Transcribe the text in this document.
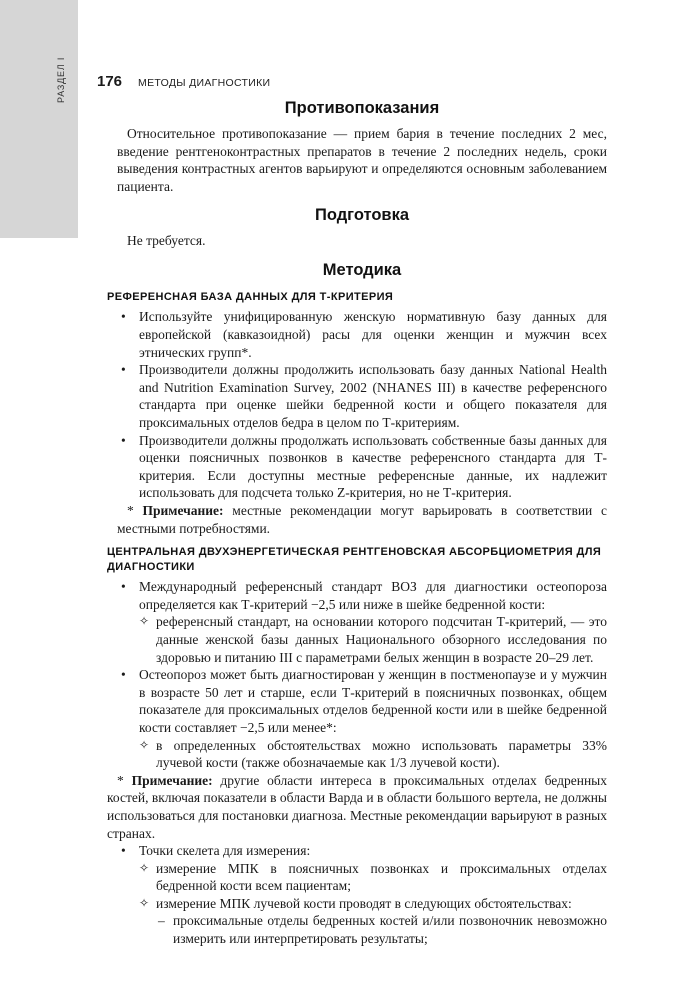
РАЗДЕЛ I 176 МЕТОДЫ ДИАГНОСТИКИ
Противопоказания

Относительное противопоказание — прием бария в течение последних 2 мес, введение рентгеноконтрастных препаратов в течение 2 последних недель, сроки выведения контрастных агентов варьируют и определяются основным заболеванием пациента.

Подготовка

Не требуется.

Методика
РЕФЕРЕНСНАЯ БАЗА ДАННЫХ ДЛЯ Т-КРИТЕРИЯ
• Используйте унифицированную женскую нормативную базу данных для европейской (кавказоидной) расы для оценки женщин и мужчин всех этнических групп*.
• Производители должны продолжить использовать базу данных National Health and Nutrition Examination Survey, 2002 (NHANES III) в качестве референсного стандарта при оценке шейки бедренной кости и общего показателя для проксимальных отделов бедра в целом по Т-критериям.
• Производители должны продолжать использовать собственные базы данных для оценки поясничных позвонков в качестве референсного стандарта для Т- критерия. Если доступны местные референсные данные, их надлежит использовать для подсчета только Z-критерия, но не Т-критерия.

* Примечание: местные рекомендации могут варьировать в соответствии с местными потребностями.

ЦЕНТРАЛЬНАЯ ДВУХЭНЕРГЕТИЧЕСКАЯ РЕНТГЕНОВСКАЯ АБСОРБЦИОМЕТРИЯ ДЛЯ ДИАГНОСТИКИ
• Международный референсный стандарт ВОЗ для диагностики остеопороза определяется как Т-критерий −2,5 или ниже в шейке бедренной кости:
✧ референсный стандарт, на основании которого подсчитан Т-критерий, — это данные женской базы данных Национального обзорного исследования по здоровью и питанию III с параметрами белых женщин в возрасте 20–29 лет.
• Остеопороз может быть диагностирован у женщин в постменопаузе и у мужчин в возрасте 50 лет и старше, если Т-критерий в поясничных позвонках, общем показателе для проксимальных отделов бедренной кости или в шейке бедренной кости составляет −2,5 или менее*:
✧ в определенных обстоятельствах можно использовать параметры 33% лучевой кости (также обозначаемые как 1/3 лучевой кости).

* Примечание: другие области интереса в проксимальных отделах бедренных костей, включая показатели в области Варда и в области большого вертела, не должны использоваться для постановки диагноза. Местные рекомендации варьируют в разных странах.

• Точки скелета для измерения:
✧ измерение МПК в поясничных позвонках и проксимальных отделах бедренной кости всем пациентам;
✧ измерение МПК лучевой кости проводят в следующих обстоятельствах:
– проксимальные отделы бедренных костей и/или позвоночник невозможно измерить или интерпретировать результаты;
